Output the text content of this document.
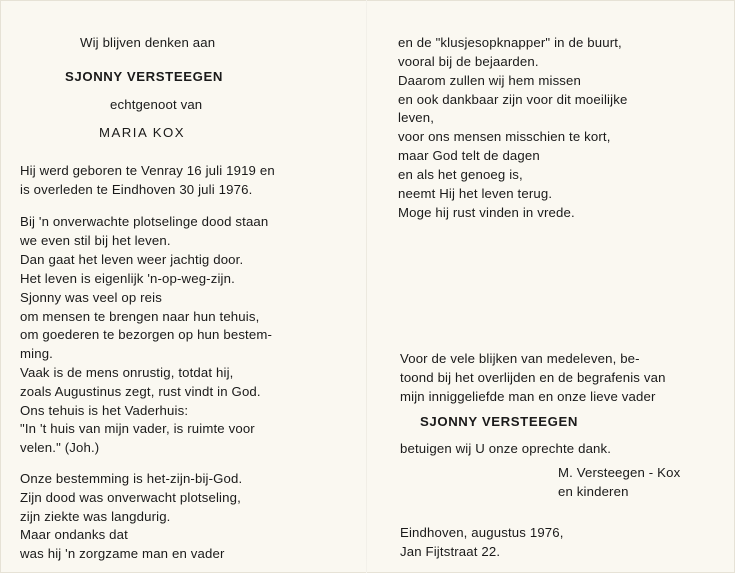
Wij blijven denken aan
SJONNY VERSTEEGEN
echtgenoot van
MARIA KOX
Hij werd geboren te Venray 16 juli 1919 en
is overleden te Eindhoven 30 juli 1976.
Bij 'n onverwachte plotselinge dood staan
we even stil bij het leven.
Dan gaat het leven weer jachtig door.
Het leven is eigenlijk 'n-op-weg-zijn.
Sjonny was veel op reis
om mensen te brengen naar hun tehuis,
om goederen te bezorgen op hun bestem-
ming.
Vaak is de mens onrustig, totdat hij,
zoals Augustinus zegt, rust vindt in God.
Ons tehuis is het Vaderhuis:
"In 't huis van mijn vader, is ruimte voor
velen." (Joh.)
Onze bestemming is het-zijn-bij-God.
Zijn dood was onverwacht plotseling,
zijn ziekte was langdurig.
Maar ondanks dat
was hij 'n zorgzame man en vader
en de "klusjesopknapper" in de buurt,
vooral bij de bejaarden.
Daarom zullen wij hem missen
en ook dankbaar zijn voor dit moeilijke
leven,
voor ons mensen misschien te kort,
maar God telt de dagen
en als het genoeg is,
neemt Hij het leven terug.
Moge hij rust vinden in vrede.
Voor de vele blijken van medeleven, be-
toond bij het overlijden en de begrafenis van
mijn inniggeliefde man en onze lieve vader
SJONNY VERSTEEGEN
betuigen wij U onze oprechte dank.
M. Versteegen - Kox
en kinderen
Eindhoven, augustus 1976,
Jan Fijtstraat 22.
